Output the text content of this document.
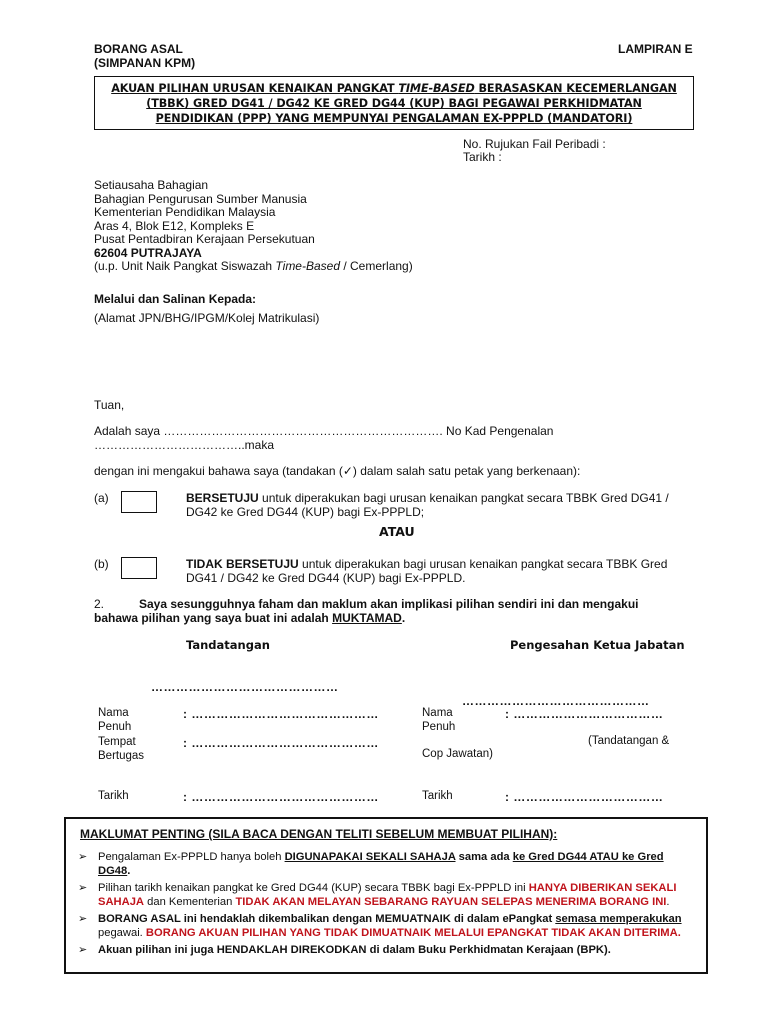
BORANG ASAL
(SIMPANAN KPM)
LAMPIRAN E

AKUAN PILIHAN URUSAN KENAIKAN PANGKAT TIME-BASED BERASASKAN KECEMERLANGAN
(TBBK) GRED DG41 / DG42 KE GRED DG44 (KUP) BAGI PEGAWAI PERKHIDMATAN
PENDIDIKAN (PPP) YANG MEMPUNYAI PENGALAMAN EX-PPPLD (MANDATORI)

No. Rujukan Fail Peribadi :
Tarikh :
Setiausaha Bahagian
Bahagian Pengurusan Sumber Manusia
Kementerian Pendidikan Malaysia
Aras 4, Blok E12, Kompleks E
Pusat Pentadbiran Kerajaan Persekutuan
62604 PUTRAJAYA
(u.p. Unit Naik Pangkat Siswazah Time-Based / Cemerlang)
Melalui dan Salinan Kepada:
(Alamat JPN/BHG/IPGM/Kolej Matrikulasi)
Tuan,
Adalah saya ……………………………………………………………. No Kad Pengenalan
………………………………..maka
dengan ini mengakui bahawa saya (tandakan (✓) dalam salah satu petak yang berkenaan):
(a)	BERSETUJU untuk diperakukan bagi urusan kenaikan pangkat secara TBBK Gred DG41 /
DG42 ke Gred DG44 (KUP) bagi Ex-PPPLD;
ATAU
(b)	TIDAK BERSETUJU untuk diperakukan bagi urusan kenaikan pangkat secara TBBK Gred
DG41 / DG42 ke Gred DG44 (KUP) bagi Ex-PPPLD.
2.	Saya sesungguhnya faham dan maklum akan implikasi pilihan sendiri ini dan mengakui
bahawa pilihan yang saya buat ini adalah MUKTAMAD.
Tandatangan	Pengesahan Ketua Jabatan
………………………………………
………………………………………
Nama
Penuh
: ………………………………………
Tempat
Bertugas
: ………………………………………
Tarikh	: ………………………………………
Nama
Penuh
: ………………………………
(Tandatangan &
Cop Jawatan)
Tarikh	: ………………………………
MAKLUMAT PENTING (SILA BACA DENGAN TELITI SEBELUM MEMBUAT PILIHAN):
➢ Pengalaman Ex-PPPLD hanya boleh DIGUNAPAKAI SEKALI SAHAJA sama ada ke Gred DG44 ATAU ke Gred DG48.
➢ Pilihan tarikh kenaikan pangkat ke Gred DG44 (KUP) secara TBBK bagi Ex-PPPLD ini HANYA DIBERIKAN SEKALI SAHAJA dan Kementerian TIDAK AKAN MELAYAN SEBARANG RAYUAN SELEPAS MENERIMA BORANG INI.
➢ BORANG ASAL ini hendaklah dikembalikan dengan MEMUATNAIK di dalam ePangkat semasa memperakukan pegawai. BORANG AKUAN PILIHAN YANG TIDAK DIMUATNAIK MELALUI EPANGKAT TIDAK AKAN DITERIMA.
➢ Akuan pilihan ini juga HENDAKLAH DIREKODKAN di dalam Buku Perkhidmatan Kerajaan (BPK).
